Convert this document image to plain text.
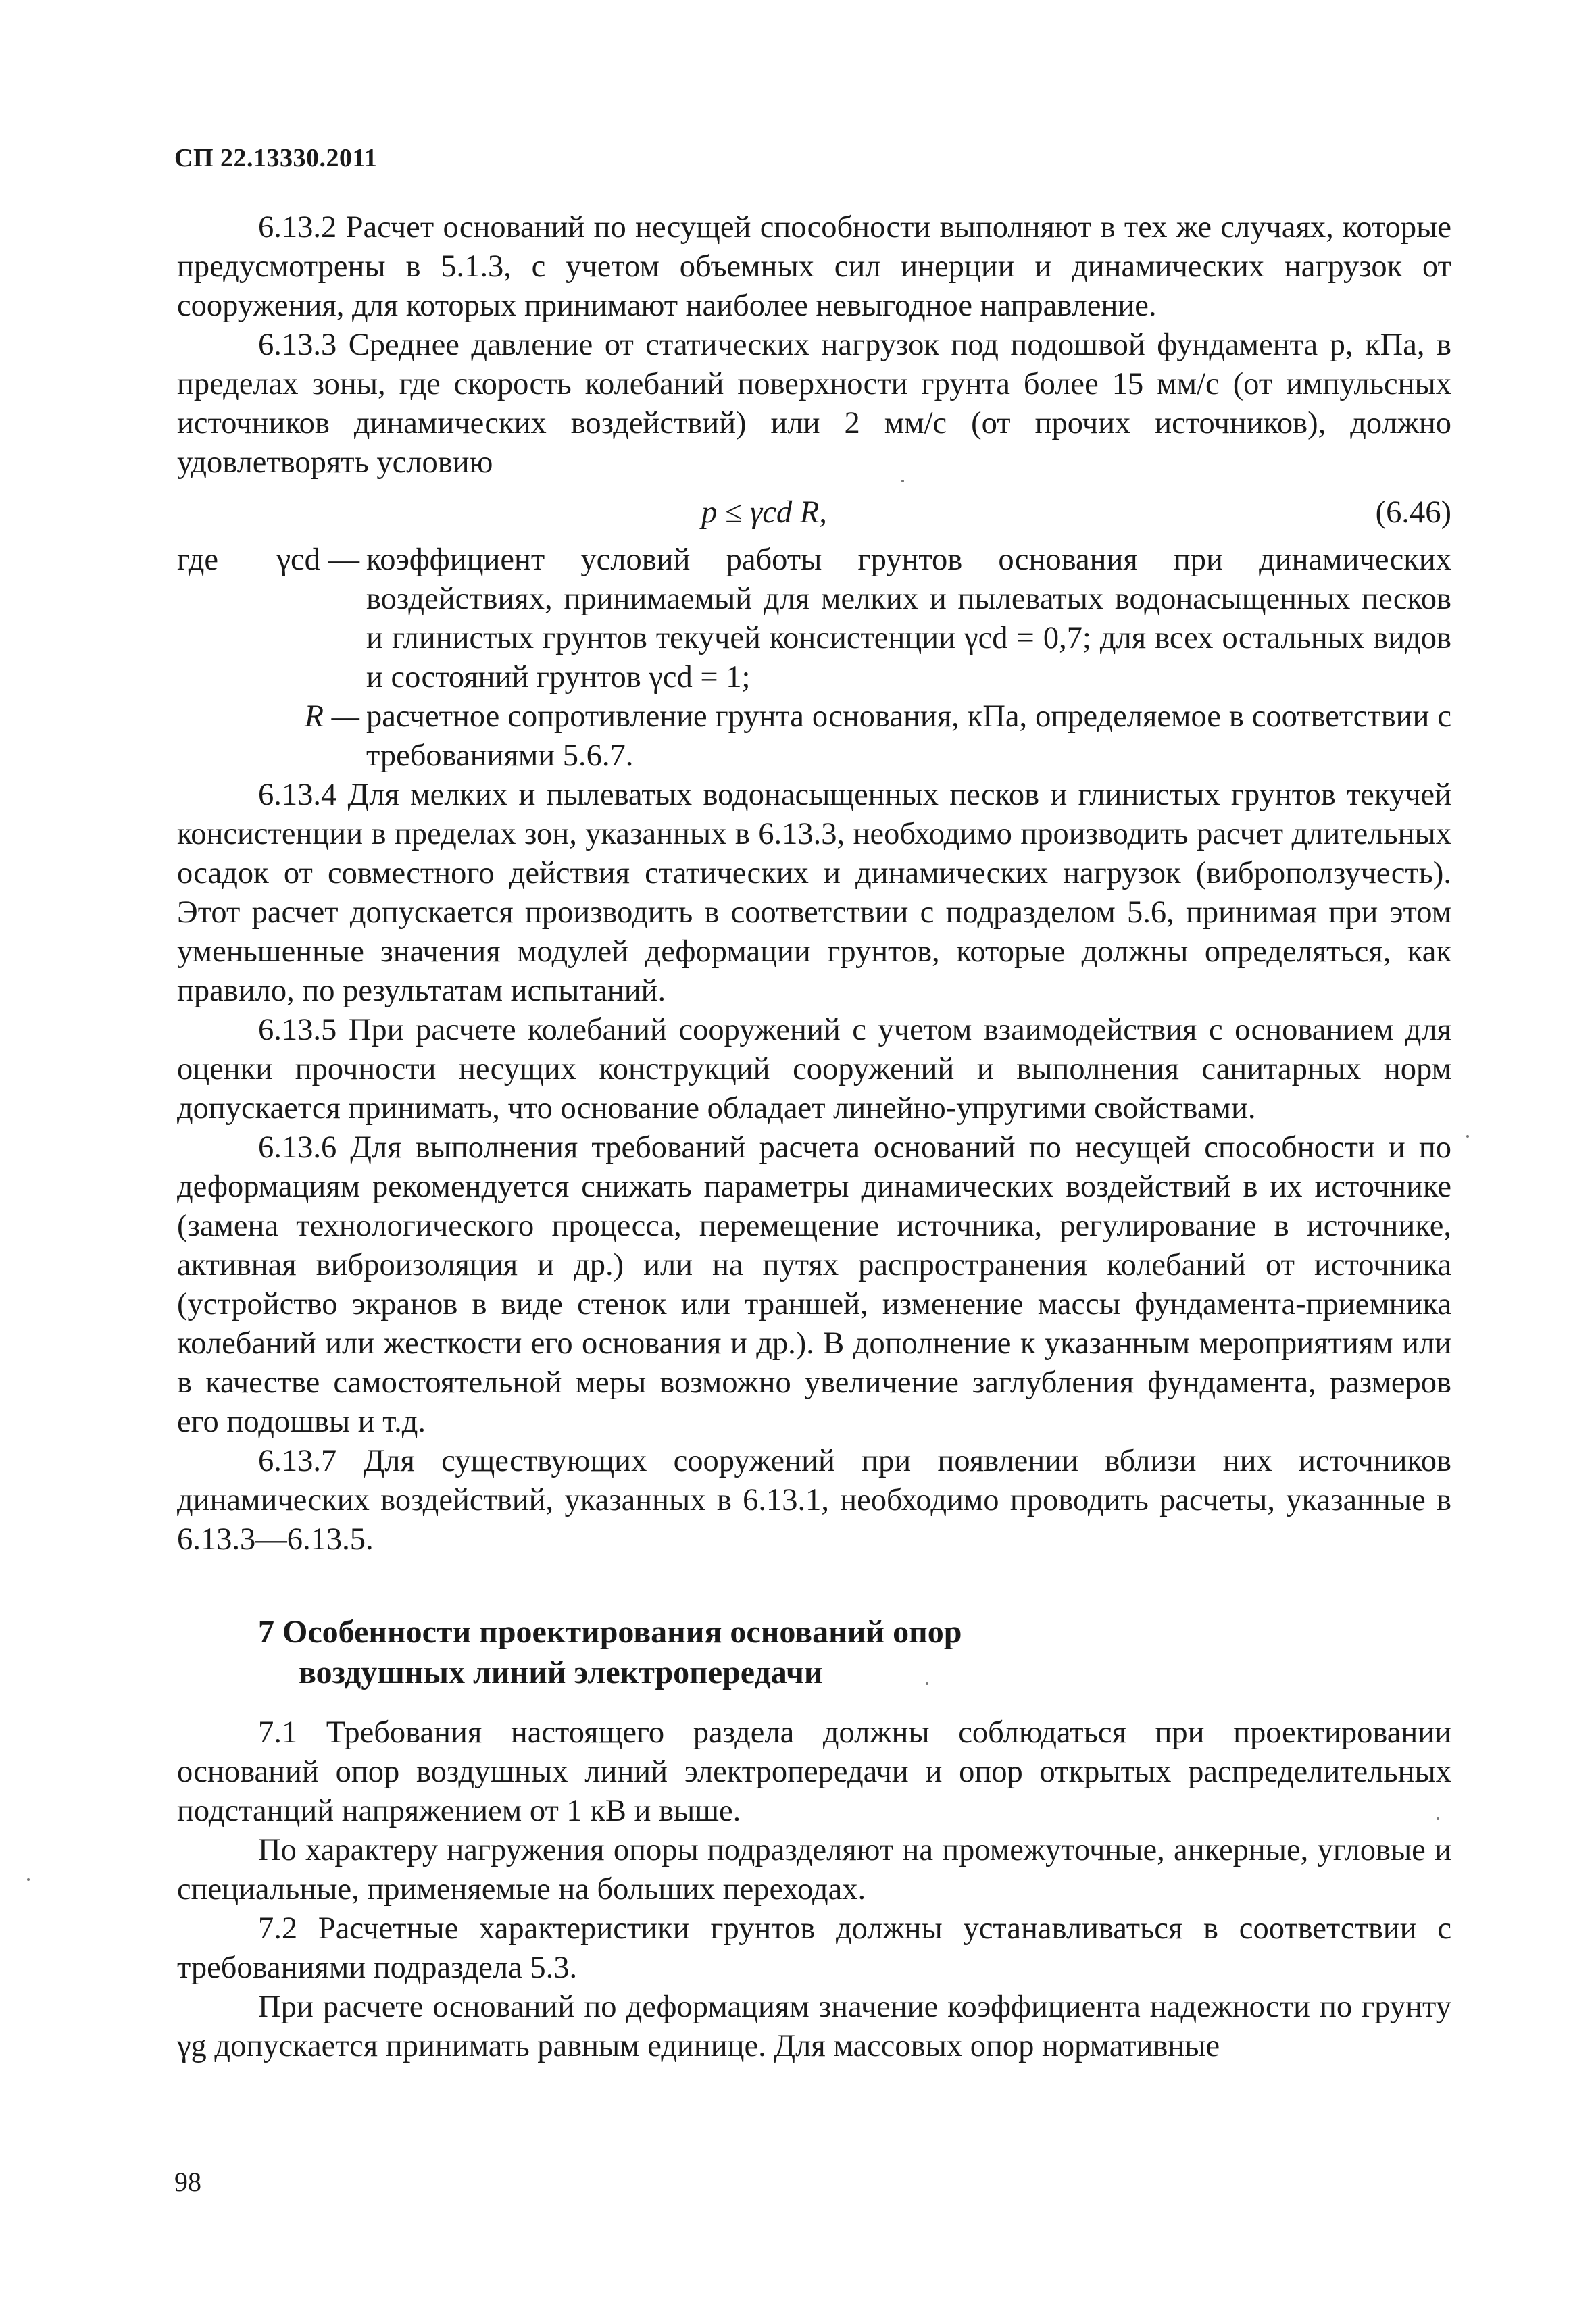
СП 22.13330.2011

6.13.2 Расчет оснований по несущей способности выполняют в тех же случаях, которые предусмотрены в 5.1.3, с учетом объемных сил инерции и динамических нагрузок от сооружения, для которых принимают наиболее невыгодное направление.

6.13.3 Среднее давление от статических нагрузок под подошвой фундамента p, кПа, в пределах зоны, где скорость колебаний поверхности грунта более 15 мм/с (от импульсных источников динамических воздействий) или 2 мм/с (от прочих источников), должно удовлетворять условию

p ≤ γcd R,	(6.46)
где	γcd — коэффициент условий работы грунтов основания при динамических воздействиях, принимаемый для мелких и пылеватых водонасыщенных песков и глинистых грунтов текучей консистенции γcd = 0,7; для всех остальных видов и состояний грунтов γcd = 1;
R — расчетное сопротивление грунта основания, кПа, определяемое в соответствии с требованиями 5.6.7.

6.13.4 Для мелких и пылеватых водонасыщенных песков и глинистых грунтов текучей консистенции в пределах зон, указанных в 6.13.3, необходимо производить расчет длительных осадок от совместного действия статических и динамических нагрузок (виброползучесть). Этот расчет допускается производить в соответствии с подразделом 5.6, принимая при этом уменьшенные значения модулей деформации грунтов, которые должны определяться, как правило, по результатам испытаний.

6.13.5 При расчете колебаний сооружений с учетом взаимодействия с основанием для оценки прочности несущих конструкций сооружений и выполнения санитарных норм допускается принимать, что основание обладает линейно-упругими свойствами.

6.13.6 Для выполнения требований расчета оснований по несущей способности и по деформациям рекомендуется снижать параметры динамических воздействий в их источнике (замена технологического процесса, перемещение источника, регулирование в источнике, активная виброизоляция и др.) или на путях распространения колебаний от источника (устройство экранов в виде стенок или траншей, изменение массы фундамента-приемника колебаний или жесткости его основания и др.). В дополнение к указанным мероприятиям или в качестве самостоятельной меры возможно увеличение заглубления фундамента, размеров его подошвы и т.д.

6.13.7 Для существующих сооружений при появлении вблизи них источников динамических воздействий, указанных в 6.13.1, необходимо проводить расчеты, указанные в 6.13.3—6.13.5.

7 Особенности проектирования оснований опор
воздушных линий электропередачи

7.1 Требования настоящего раздела должны соблюдаться при проектировании оснований опор воздушных линий электропередачи и опор открытых распределительных подстанций напряжением от 1 кВ и выше.

По характеру нагружения опоры подразделяют на промежуточные, анкерные, угловые и специальные, применяемые на больших переходах.

7.2 Расчетные характеристики грунтов должны устанавливаться в соответствии с требованиями подраздела 5.3.

При расчете оснований по деформациям значение коэффициента надежности по грунту γg допускается принимать равным единице. Для массовых опор нормативные

98
